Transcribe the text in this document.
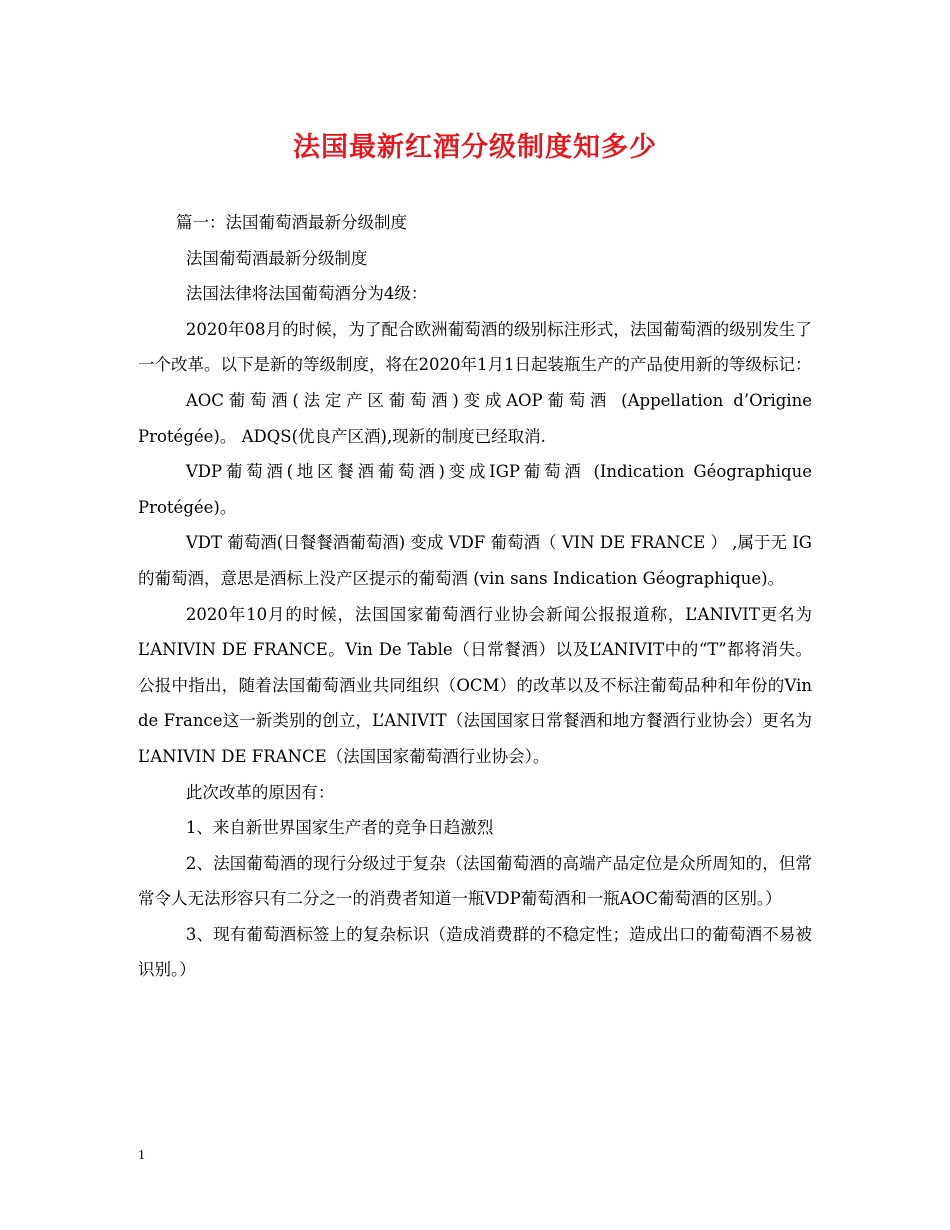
法国最新红酒分级制度知多少

篇一：法国葡萄酒最新分级制度

法国葡萄酒最新分级制度

法国法律将法国葡萄酒分为4级：

2020年08月的时候，为了配合欧洲葡萄酒的级别标注形式，法国葡萄酒的级别发生了一个改革。以下是新的等级制度，将在2020年1月1日起装瓶生产的产品使用新的等级标记：

AOC葡萄酒(法定产区葡萄酒)变成AOP葡萄酒 (Appellation d’Origine Protégée)。 ADQS(优良产区酒),现新的制度已经取消.

VDP葡萄酒(地区餐酒葡萄酒)变成IGP葡萄酒 (Indication Géographique Protégée)。

VDT 葡萄酒(日餐餐酒葡萄酒) 变成 VDF 葡萄酒（ VIN DE FRANCE ） ,属于无 IG 的葡萄酒，意思是酒标上没产区提示的葡萄酒 (vin sans Indication Géographique)。

2020年10月的时候，法国国家葡萄酒行业协会新闻公报报道称，L’ANIVIT更名为L’ANIVIN DE FRANCE。Vin De Table（日常餐酒）以及L’ANIVIT中的“T”都将消失。 公报中指出，随着法国葡萄酒业共同组织（OCM）的改革以及不标注葡萄品种和年份的Vin de France这一新类别的创立，L’ANIVIT（法国国家日常餐酒和地方餐酒行业协会）更名为L’ANIVIN DE FRANCE（法国国家葡萄酒行业协会）。

此次改革的原因有：

1、来自新世界国家生产者的竞争日趋激烈

2、法国葡萄酒的现行分级过于复杂（法国葡萄酒的高端产品定位是众所周知的，但常常令人无法形容只有二分之一的消费者知道一瓶VDP葡萄酒和一瓶AOC葡萄酒的区别。）

3、现有葡萄酒标签上的复杂标识（造成消费群的不稳定性；造成出口的葡萄酒不易被识别。）

1
